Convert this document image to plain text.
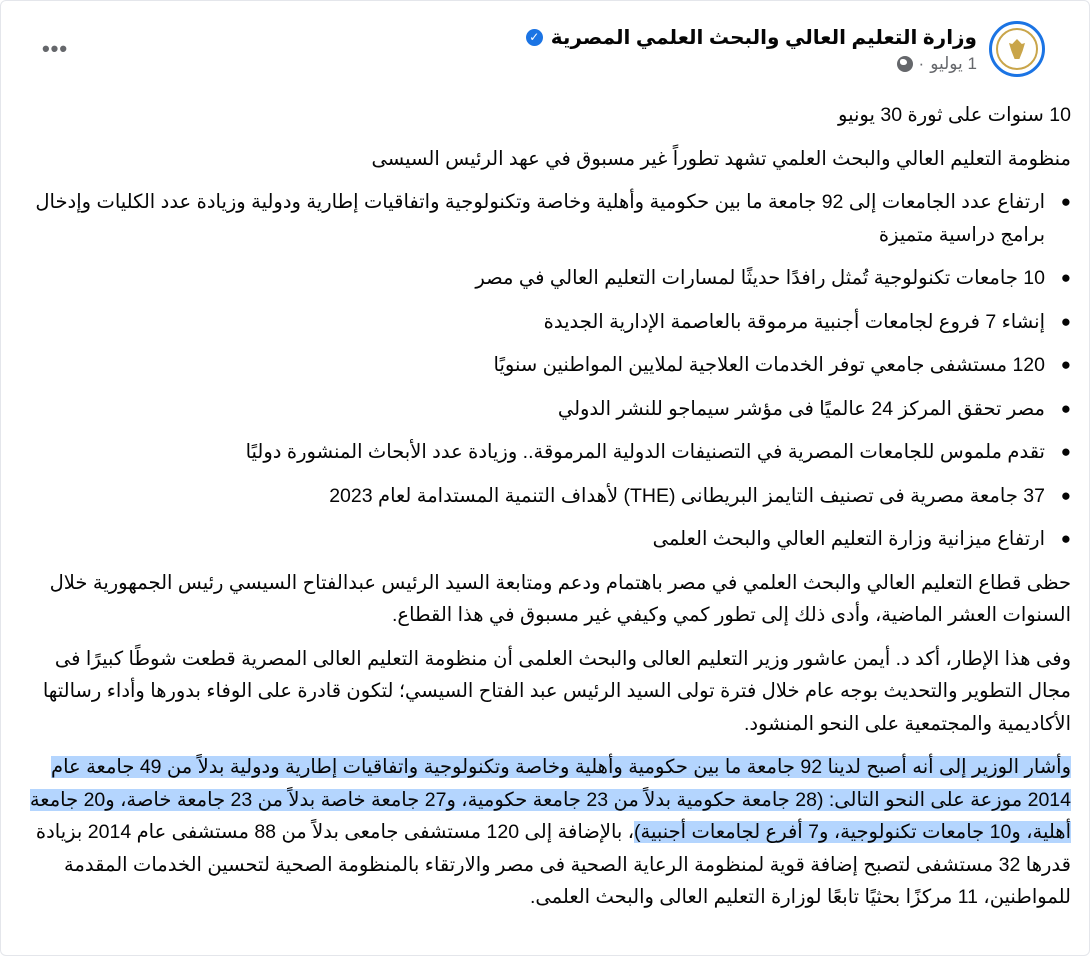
•••	وزارة التعليم العالي والبحث العلمي المصرية
✓
1 يوليو
·

10 سنوات على ثورة 30 يونيو

منظومة التعليم العالي والبحث العلمي تشهد تطوراً غير مسبوق في عهد الرئيس السيسى

●
ارتفاع عدد الجامعات إلى 92 جامعة ما بين حكومية وأهلية وخاصة وتكنولوجية واتفاقيات إطارية ودولية وزيادة عدد الكليات وإدخال برامج دراسية متميزة

●
10 جامعات تكنولوجية تُمثل رافدًا حديثًا لمسارات التعليم العالي في مصر

●
إنشاء 7 فروع لجامعات أجنبية مرموقة بالعاصمة الإدارية الجديدة

●
120 مستشفى جامعي توفر الخدمات العلاجية لملايين المواطنين سنويًا

●
مصر تحقق المركز 24 عالميًا فى مؤشر سيماجو للنشر الدولي

●
تقدم ملموس للجامعات المصرية في التصنيفات الدولية المرموقة.. وزيادة عدد الأبحاث المنشورة دوليًا

●
37 جامعة مصرية فى تصنيف التايمز البريطانى (THE) لأهداف التنمية المستدامة لعام 2023

●
ارتفاع ميزانية وزارة التعليم العالي والبحث العلمى

حظى قطاع التعليم العالي والبحث العلمي في مصر باهتمام ودعم ومتابعة السيد الرئيس عبدالفتاح السيسي رئيس الجمهورية خلال السنوات العشر الماضية، وأدى ذلك إلى تطور كمي وكيفي غير مسبوق في هذا القطاع.

وفى هذا الإطار، أكد د. أيمن عاشور وزير التعليم العالى والبحث العلمى أن منظومة التعليم العالى المصرية قطعت شوطًا كبيرًا فى مجال التطوير والتحديث بوجه عام خلال فترة تولى السيد الرئيس عبد الفتاح السيسي؛ لتكون قادرة على الوفاء بدورها وأداء رسالتها الأكاديمية والمجتمعية على النحو المنشود.

وأشار الوزير إلى أنه أصبح لدينا 92 جامعة ما بين حكومية وأهلية وخاصة وتكنولوجية واتفاقيات إطارية ودولية بدلاً من 49 جامعة عام 2014 موزعة على النحو التالى: (28 جامعة حكومية بدلاً من 23 جامعة حكومية، و27 جامعة خاصة بدلاً من 23 جامعة خاصة، و20 جامعة أهلية، و10 جامعات تكنولوجية، و7 أفرع لجامعات أجنبية)، بالإضافة إلى 120 مستشفى جامعى بدلاً من 88 مستشفى عام 2014 بزيادة قدرها 32 مستشفى لتصبح إضافة قوية لمنظومة الرعاية الصحية فى مصر والارتقاء بالمنظومة الصحية لتحسين الخدمات المقدمة للمواطنين، 11 مركزًا بحثيًا تابعًا لوزارة التعليم العالى والبحث العلمى.
